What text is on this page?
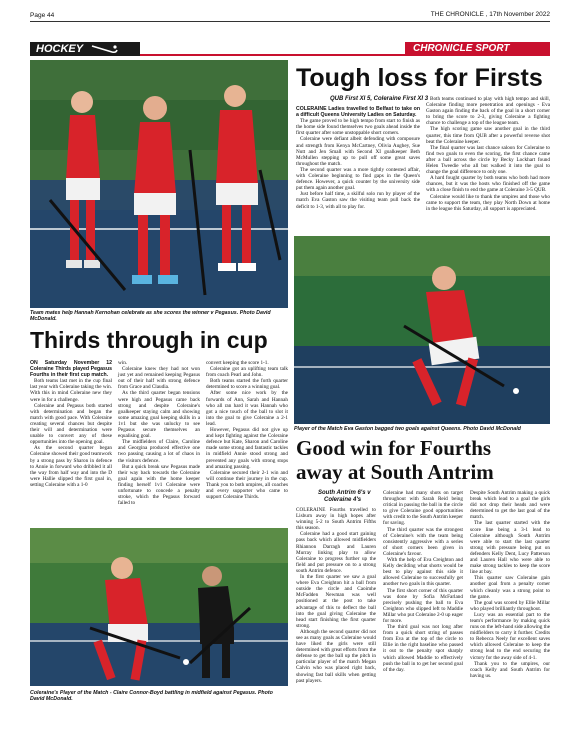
Page 44	THE CHRONICLE , 17th November 2022
HOCKEY	CHRONICLE SPORT
Team mates help Hannah Kernohan celebrate as she scores the winner v Pegasus. Photo David McDonald.
Tough loss for Firsts
QUB First XI 5, Coleraine First XI 3

COLERAINE Ladies travelled to Belfast to take on a difficult Queens University Ladies on Saturday.

The game proved to be high tempo from start to finish as the home side found themselves two goals ahead inside the first quarter after some unstoppable short corners.

Coleraine were defiant albeit defending with composure and strength from Kenya McCartney, Olivia Aughey, Sue Nutt and Jen Small with Second XI goalkeeper Beth McMullen stepping up to pull off some great saves throughout the match.

The second quarter was a more tightly contested affair, with Coleraine beginning to find gaps in the Queen's defence. However, a quick counter by the university side put them again another goal.

Just before half time, a skilful solo run by player of the match Eva Gaston saw the visiting team pull back the deficit to 1-3, with all to play for.

Both teams continued to play with high tempo and skill, Coleraine finding more penetration and openings - Eva Gaston again finding the back of the goal in a short corner to bring the score to 2-3, giving Coleraine a fighting chance to challenge a top of the league team.

The high scoring game saw another goal in the third quarter, this time from QUB after a powerful reverse shot beat the Coleraine keeper.

The final quarter was last chance saloon for Coleraine to find two goals to even the scoring, the first chance came after a ball across the circle by Becky Lockhart found Helen Tweedie who all but walked it into the goal to change the goal difference to only one.

A hard fought quarter by both teams who both had more chances, but it was the hosts who finished off the game with a close finish to end the game at Coleraine 3-5 QUB.

Coleraine would like to thank the umpires and those who came to support the team, they play North Down at home in the league this Saturday, all support is appreciated.

Player of the Match Eva Gaston bagged two goals against Queens. Photo David McDonald
Thirds through in cup

ON Saturday November 12 Coleraine Thirds played Pegasus Fourths in their first cup match.

Both teams last met in the cup final last year with Coleraine taking the win. With this in mind Coleraine new they were in for a challenge.

Coleraine and Pegasus both started with determination and began the match with good pace. With Coleraine creating several chances but despite their will and determination were unable to convert any of these opportunities into the opening goal.

As the second quarter began Coleraine showed their good teamwork by a strong pass by Sharon in defence to Annie in forward who dribbled it all the way from half way and into the D were Hallie slipped the first goal in, setting Coleraine with a 1-0

win.

Coleraine knew they had not won just yet and remained keeping Pegasus out of their half with strong defence from Grace and Claudia.

As the third quarter began tensions were high and Pegasus came back strong and despite Coleraine's goalkeeper staying calm and showing some amazing goal keeping skills in a 1v1 but she was unlucky to see Pegasus secure themselves an equalising goal.

The midfielders of Claire, Caroline and Georgina produced effective one two passing causing a lot of chaos in the visitors defence.

But a quick break saw Pegasus made their way back towards the Coleraine goal again with the home keeper finding herself 1v1 Coleraine were unfortunate to concede a penalty stroke, which the Pegasus forward failed to

convert keeping the score 1-1.

Coleraine got an uplifting team talk from coach Pearl and John.

Both teams started the forth quarter determined to score a winning goal.

After some nice work by the forwards of Ann, Sarah and Hannah who all ran hard it was Hannah who got a nice touch of the ball to slot it into the goal to give Coleraine a 2-1 lead.

However, Pegasus did not give up and kept fighting against the Coleraine defence but Kate, Sharon and Caroline made some strong and fantastic tackles in midfield Annie stood strong and prevented any goals with strong stops and amazing passing.

Coleraine secured their 2-1 win and will continue their journey in the cup. Thank you to both umpires, all coaches and every supporter who came to support Coleraine Thirds.

Coleraine's Player of the Match - Claire Connor-Boyd battling in midfield against Pegasus. Photo David McDonald.
Good win for Fourths
away at South Antrim
South Antrim 6's v
Coleraine 4's

COLERAINE Fourths travelled to Lisburn away in high hopes after winning 5-2 to South Antrim Fifths this season.

Coleraine had a good start gaining pass back which allowed midfielders Rhiannon Darragh and Lauren Murray linking play to allow Coleraine to progress further up the field and put pressure on to a strong south Antrim defence.

In the first quarter we saw a goal where Eva Creighton hit a ball from outside the circle and Caoimhe McFadden Newman was well positioned at the post to take advantage of this to deflect the ball into the goal giving Coleraine the head start finishing the first quarter strong.

Although the second quarter did not see as many goals as Coleraine would have liked the girls were still determined with great efforts from the defense to get the ball up the pitch in particular player of the match Megan Calvin who was placed right back, showing fast ball skills when getting past players.

Coleraine had many shots on target throughout with Sarah Reid being critical in passing the ball in the circle to give Coleraine good opportunities with credit to the South Antrim keeper for saving.

The third quarter was the strongest of Coleraine's with the team being consistently aggressive with a series of short corners been given in Coleraine's favour.

With the help of Eva Creighton and Kelly decilding what shorts would be best to play against this side it allowed Coleraine to successfully get another two goals in this quarter.

The first short corner of this quarter was done by Sofia McFarland precisely pushing the ball to Eva Creighton who slipped left to Maddie Millar who put Coleraine 2-0 up eager for more.

The third goal was not long after from a quick short string of passes from Eva at the top of the circle to Ellie in the right baseline who passed it out to the penalty spot sharply which allowed Maddie to effectively push the ball in to get her second goal of the day.

Despite South Antrim making a quick break which lead to a goal the girls did not drop their heads and were determined to get the last goal of the match.

The last quarter started with the score line being a 3-1 lead to Coleraine although South Antrim were able to start the last quarter strong with pressure being put on defenders Kelly Dent, Lucy Patterson and Lauren Hall who were able to make strong tackles to keep the score line at bay.

This quarter saw Coleraine gain another goal from a penalty corner which cleanly was a strong point to the game.

The goal was scored by Ellie Millar who played brilliantly throughout.

Lucy was an essential part to the team's performance by making quick runs on the left-hand side allowing the midfielders to carry it further. Credits to Rebecca Neely for excellent saves which allowed Coleraine to keep the strong lead to the end securing the victory for the away side of 4-1.

Thank you to the umpires, our coach Kelly and South Antrim for having us.
